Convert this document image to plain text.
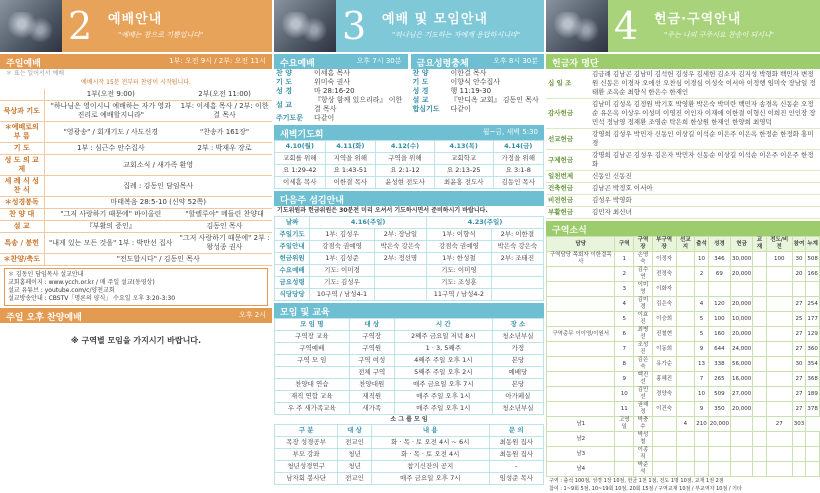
2 예배안내
"예배는 참으로 기쁨입니다"
주일예배	1부: 오전 9시 / 2부: 오전 11시
＊ 표는 일어서서 예배
예배시작 15분 전부터 찬양이 시작됩니다.
	1부(오전 9:00)	2부(오전 11:00)
묵상과 기도	"하나님은 영이시니 예배하는 자가 영과 진리로 예배할지니라"	1부: 이세흠 목사 / 2부: 이한결 목사
＊예배로의 부 름	"영광송" / 회개기도 / 사도신경	"찬송가 161장"
기 도	1부 : 심근수 안수집사	2부 : 박재우 장로
성 도 의 교 제	교회소식 / 새가족 환영	
세 례 식 성 찬 식	집례 : 김동인 담임목사	
＊성경봉독	마태복음 28:5-10 (신약 52쪽)	
찬 양 대	"그저 사랑하기 때문에" 바이올린	"할렐루야" 메들린 찬양대
설 교	『부활의 증인』	김동인 목사
특송 / 봉헌	"내게 있는 모든 것을" 1부 : 박만선 집사	"그저 사랑하기 때문에" 2부 : 왕성종 권사
＊찬양/축도	"전도합시다" / 김동인 목사	
＊ 김동인 담임목사 설교안내
교회홈페이지 : www.ycch.or.kr / 매 주일 설교(동영상)
설교 유튜브 : youtube.com/c/양천교회
설교방송안내 : CBSTV「명론의 양식」 수요일 오후 3:20-3:30
주일 오후 찬양예배	오후 2시
※ 구역별 모임을 가지시기 바랍니다.
3 예배 및 모임안내
"하나님은 기도하는 자에게 응답하시니라"
수요예배	오후 7시 30분
찬 양	이세흠 목사
기 도	위미숙 권사
성 경	마 28:16-20
설 교	『항상 함께 있으리라』 이한결 목사
주기도문	다같이
금요성령충체	오후 8시 30분
찬 양	이한결 목사
기 도	이향식 안수집사
성 경	행 11:19-30
설 교	『안디옥 교회』 김동인 목사
합심기도	다같이
새벽기도회	월~금, 새벽 5:30
4.10(월)	4.11(화)	4.12(수)	4.13(목)	4.14(금)
교회를 위해	지역을 위해	구역을 위해	교회학교	가정을 위해
요 1:29-42	요 1:43-51	요 2:1-12	요 2:13-25	요 3:1-8
이세흠 목사	이한결 목사	윤성현 전도사	최윤홍 전도사	김동인 목사
다음주 섬김안내
기도위원과 헌금위원은 30분전 미리 오셔서 기도하시면서 준비하시기 바랍니다.
날짜	4.16(주일)		4.23(주일)	
주일기도	1부: 김성우	2부: 장남일	1부: 이향식	2부: 이한결
주일안내	강점숙 권예영	박은숙 강은숙	강점숙 권예영	박은숙 강은숙
헌금위원	1부: 김성준	2부: 정선명	1부: 한성철	2부: 조태진
수요예배	기도: 이미경		기도: 이미영	
금요성령	기도: 김성우		기도: 조성훈	
식당당당	10구역 / 남성4-1		11구역 / 남성4-2	
모임 및 교육
모 임 명	대 상	시 간	장 소
구역장 교육	구역장	2째주 금요일 저녁 8시	청소년부실
구역예배	구역원	1 · 3, 5째주	가정
구역 모 임	구역 여성	4째주 주일 오후 1시	본당
	전체 구역	5째주 주일 오후 2시	예배당
찬양대 연습	찬양대원	매주 금요일 오후 7시	본당
재직 연합 교육	재직원	매주 주일 오후 1시	아가페실
우 주 새가족교육	새가족	매주 주일 오후 1시	청소년부실
소 그 룹 모 임
구 분	대 상	내 용	문 의
목장 성경공부	전교인	화 · 목 · 토 오전 4시 ~ 6시	최동원 집사
부모 강좌	청년	화 · 목 · 토 오전 4시	최동원 집사
청년성경연구	청년	참기신잔의 공지	-
남자회 봉사단	전교인	매주 금요일 오후 7시	임성준 목사
4 헌금·구역안내
"주는 나의 구주시요 찬송이 되시니"
헌금자 명단
십 일 조	김금례 김남곤 김남미 김석헌 김성우 김세헌 김소자 김지성 박형화 백민자 변정원 신동은 이경자 오에선 오찬심 이경심 이성숙 이서아 이정행 임미숙 장남일 정태환 조옥순 최향식 한은수 한재인
감사헌금	김남미 김성옥 김정원 박기호 박영환 박은숙 박미란 백민자 송경옥 신동순 오정순 유은옥 이상우 이성미 이영진 이인자 이재애 이한결 이형신 이희진 인인장 장민석 정남영 정재환 조영순 탁은희 한상원 한재인 한양희 최영덕
선교헌금	강영희 김성우 박민자 신동인 이상길 이석순 이은주 이은옥 한정순 한정화 홍미경
구제헌금	강명희 김남곤 김성우 김은자 박민자 신동순 이상길 이석순 이은주 이은주 한정화
일천번제	신동인 신동진
건축헌금	김남곤 박정호 이서아
비전헌금	김성우 박영화
부활헌금	김민자 최신녀
구역소식
담당	구역	구역장	부구역장	선교지	출석	성경	헌금	교재	전도/비전	참여	누계
구역담당 목회자 이한결목사	1	손영숙	이정자		10	346	30,000		100	30	508
	2	김수연	전정숙		2	69	20,000			20	166
	3	이미영	이화자								
	4	김미경	김은숙		4	120	20,000			27	254
	5	이효진	이승희		5	100	10,000			25	177
구역총무 이이영/이원서	6	최병선	진철현		5	160	20,000			27	129
	7	조성진	이동희		9	644	24,000			27	360
	8	김은숙	유가순		13	338	56,000			30	354
	9	백진선	홍혜진		7	265	16,000			27	368
	10	김민선	정양숙		10	509	27,000			27	189
	11	권해정	이건숙		9	350	20,000			27	378
남1	고영일	박충수		4	210	20,000			27	303	
남2		박성철									
남3		이종직									
남4		박준석									
구역 : 출석 100점, 성경 1장 10점, 헌금 1천 1점, 전도 1명 10점, 교재 1권 2점
참여 : 1~9회 5점, 10~19회 10점, 20회 15점 / 구역교재 10점 / 부교역자 10점 / 기타
